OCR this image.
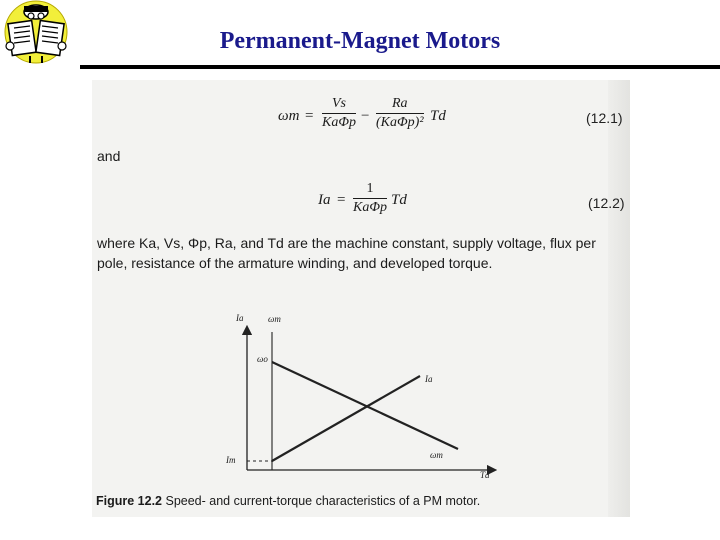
Permanent-Magnet Motors
ωm =
Vs
KaΦp −
Ra
(KaΦp)² Td	(12.1)
and
Ia =
1
KaΦp Td	(12.2)
where Ka, Vs, Φp, Ra, and Td are the machine constant, supply voltage, flux per
pole, resistance of the armature winding, and developed torque.
Ia	ωm
ωo
Im
Ia
ωm
Td
Figure 12.2 Speed- and current-torque characteristics of a PM motor.
